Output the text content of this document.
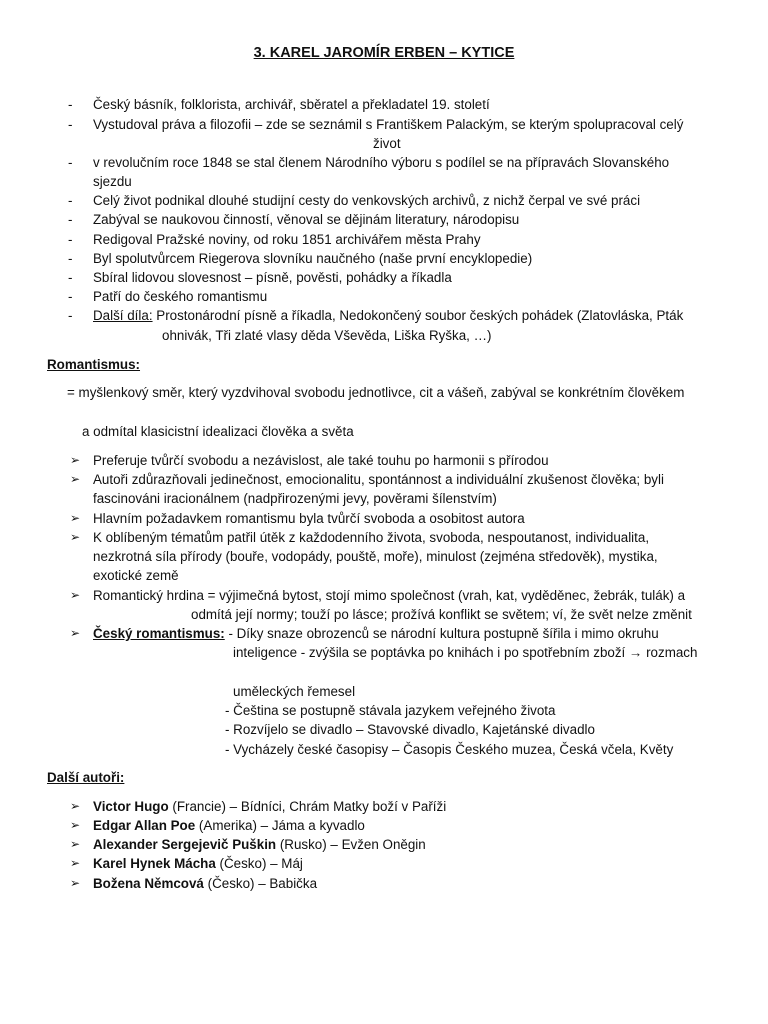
3. KAREL JAROMÍR ERBEN – KYTICE
- Český básník, folklorista, archivář, sběratel a překladatel 19. století
- Vystudoval práva a filozofii – zde se seznámil s Františkem Palackým, se kterým spolupracoval celý
život
- v revolučním roce 1848 se stal členem Národního výboru s podílel se na přípravách Slovanského
sjezdu
- Celý život podnikal dlouhé studijní cesty do venkovských archivů, z nichž čerpal ve své práci
- Zabýval se naukovou činností, věnoval se dějinám literatury, národopisu
- Redigoval Pražské noviny, od roku 1851 archivářem města Prahy
- Byl spolutvůrcem Riegerova slovníku naučného (naše první encyklopedie)
- Sbíral lidovou slovesnost – písně, pověsti, pohádky a říkadla
- Patří do českého romantismu
- Další díla: Prostonárodní písně a říkadla, Nedokončený soubor českých pohádek (Zlatovláska, Pták
ohnivák, Tři zlaté vlasy děda Vševěda, Liška Ryška, …)
Romantismus:
= myšlenkový směr, který vyzdvihoval svobodu jednotlivce, cit a vášeň, zabýval se konkrétním člověkem
a odmítal klasicistní idealizaci člověka a světa
➢ Preferuje tvůrčí svobodu a nezávislost, ale také touhu po harmonii s přírodou
➢ Autoři zdůrazňovali jedinečnost, emocionalitu, spontánnost a individuální zkušenost člověka; byli
fascinováni iracionálnem (nadpřirozenými jevy, pověrami šílenstvím)
➢ Hlavním požadavkem romantismu byla tvůrčí svoboda a osobitost autora
➢ K oblíbeným tématům patřil útěk z každodenního života, svoboda, nespoutanost, individualita,
nezkrotná síla přírody (bouře, vodopády, pouště, moře), minulost (zejména středověk), mystika,
exotické země
➢ Romantický hrdina = výjimečná bytost, stojí mimo společnost (vrah, kat, vyděděnec, žebrák, tulák) a
odmítá její normy; touží po lásce; prožívá konflikt se světem; ví, že svět nelze změnit
➢ Český romantismus: - Díky snaze obrozenců se národní kultura postupně šířila i mimo okruhu
inteligence - zvýšila se poptávka po knihách i po spotřebním zboží → rozmach
uměleckých řemesel
- Čeština se postupně stávala jazykem veřejného života
- Rozvíjelo se divadlo – Stavovské divadlo, Kajetánské divadlo
- Vycházely české časopisy – Časopis Českého muzea, Česká včela, Květy
Další autoři:
➢ Victor Hugo (Francie) – Bídníci, Chrám Matky boží v Paříži
➢ Edgar Allan Poe (Amerika) – Jáma a kyvadlo
➢ Alexander Sergejevič Puškin (Rusko) – Evžen Oněgin
➢ Karel Hynek Mácha (Česko) – Máj
➢ Božena Němcová (Česko) – Babička
